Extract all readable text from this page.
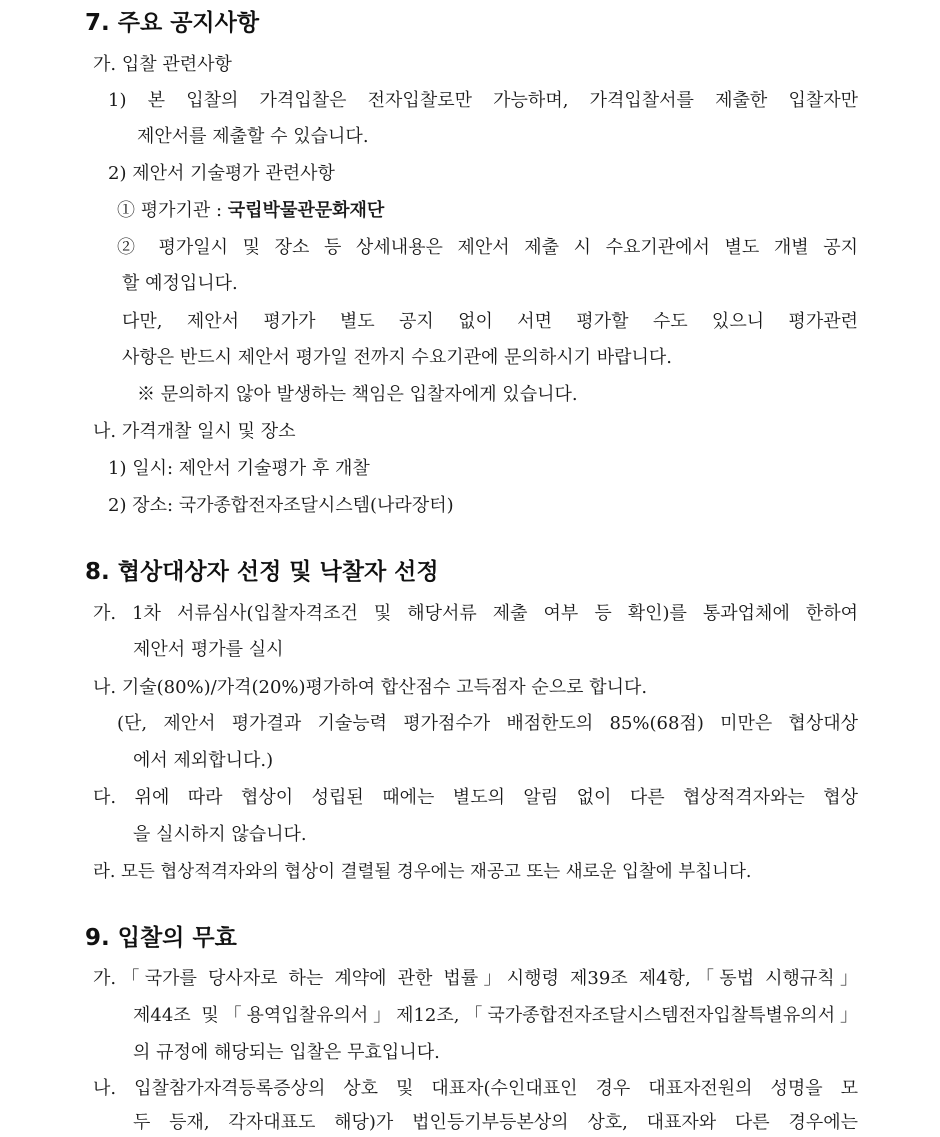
7. 주요 공지사항
가. 입찰 관련사항
1) 본 입찰의 가격입찰은 전자입찰로만 가능하며, 가격입찰서를 제출한 입찰자만
제안서를 제출할 수 있습니다.
2) 제안서 기술평가 관련사항
① 평가기관 : 국립박물관문화재단
② 평가일시 및 장소 등 상세내용은 제안서 제출 시 수요기관에서 별도 개별 공지
할 예정입니다.
다만, 제안서 평가가 별도 공지 없이 서면 평가할 수도 있으니 평가관련
사항은 반드시 제안서 평가일 전까지 수요기관에 문의하시기 바랍니다.
※ 문의하지 않아 발생하는 책임은 입찰자에게 있습니다.
나. 가격개찰 일시 및 장소
1) 일시: 제안서 기술평가 후 개찰
2) 장소: 국가종합전자조달시스템(나라장터)
8. 협상대상자 선정 및 낙찰자 선정
가. 1차 서류심사(입찰자격조건 및 해당서류 제출 여부 등 확인)를 통과업체에 한하여
제안서 평가를 실시
나. 기술(80%)/가격(20%)평가하여 합산점수 고득점자 순으로 합니다.
(단, 제안서 평가결과 기술능력 평가점수가 배점한도의 85%(68점) 미만은 협상대상
에서 제외합니다.)
다. 위에 따라 협상이 성립된 때에는 별도의 알림 없이 다른 협상적격자와는 협상
을 실시하지 않습니다.
라. 모든 협상적격자와의 협상이 결렬될 경우에는 재공고 또는 새로운 입찰에 부칩니다.
9. 입찰의 무효
가.「국가를 당사자로 하는 계약에 관한 법률」시행령 제39조 제4항,「동법 시행규칙」
제44조 및「용역입찰유의서」제12조,「국가종합전자조달시스템전자입찰특별유의서」
의 규정에 해당되는 입찰은 무효입니다.
나. 입찰참가자격등록증상의 상호 및 대표자(수인대표인 경우 대표자전원의 성명을 모
두 등재, 각자대표도 해당)가 법인등기부등본상의 상호, 대표자와 다른 경우에는
